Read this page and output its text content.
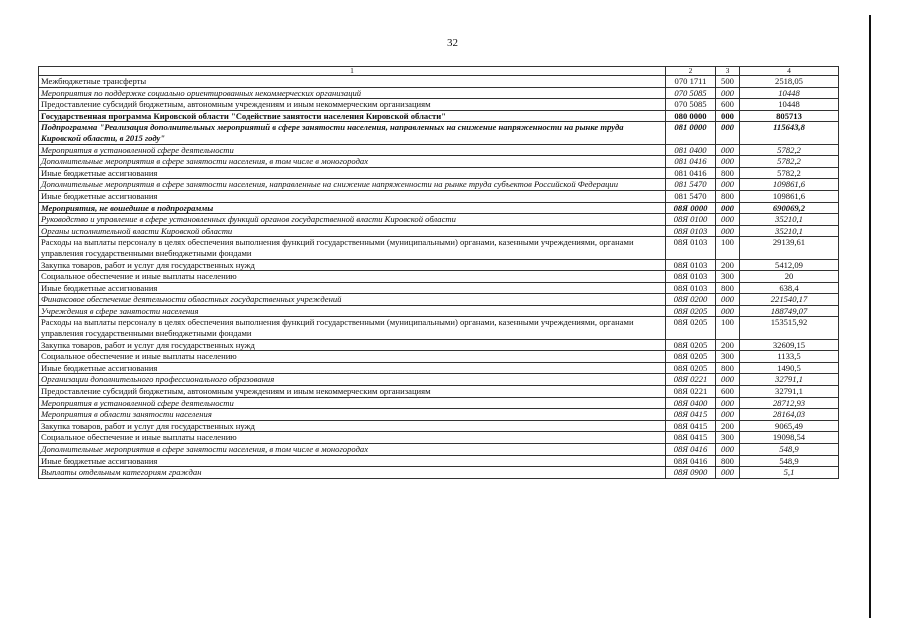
32
1	2	3	4
Межбюджетные трансферты	070 1711	500	2518,05
Мероприятия по поддержке социально ориентированных некоммерческих организаций	070 5085	000	10448
Предоставление субсидий бюджетным, автономным учреждениям и иным некоммерческим организациям	070 5085	600	10448
Государственная программа Кировской области "Содействие занятости населения Кировской области"	080 0000	000	805713
Подпрограмма "Реализация дополнительных мероприятий в сфере занятости населения, направленных на снижение напряженности на рынке труда Кировской области, в 2015 году"	081 0000	000	115643,8
Мероприятия в установленной сфере деятельности	081 0400	000	5782,2
Дополнительные мероприятия в сфере занятости населения, в том числе в моногородах	081 0416	000	5782,2
Иные бюджетные ассигнования	081 0416	800	5782,2
Дополнительные мероприятия в сфере занятости населения, направленные на снижение напряженности на рынке труда субъектов Российской Федерации	081 5470	000	109861,6
Иные бюджетные ассигнования	081 5470	800	109861,6
Мероприятия, не вошедшие в подпрограммы	08Я 0000	000	690069,2
Руководство и управление в сфере установленных функций органов государственной власти Кировской области	08Я 0100	000	35210,1
Органы исполнительной власти Кировской области	08Я 0103	000	35210,1
Расходы на выплаты персоналу в целях обеспечения выполнения функций государственными (муниципальными) органами, казенными учреждениями, органами управления государственными внебюджетными фондами	08Я 0103	100	29139,61
Закупка товаров, работ и услуг для государственных нужд	08Я 0103	200	5412,09
Социальное обеспечение и иные выплаты населению	08Я 0103	300	20
Иные бюджетные ассигнования	08Я 0103	800	638,4
Финансовое обеспечение деятельности областных государственных учреждений	08Я 0200	000	221540,17
Учреждения в сфере занятости населения	08Я 0205	000	188749,07
Расходы на выплаты персоналу в целях обеспечения выполнения функций государственными (муниципальными) органами, казенными учреждениями, органами управления государственными внебюджетными фондами	08Я 0205	100	153515,92
Закупка товаров, работ и услуг для государственных нужд	08Я 0205	200	32609,15
Социальное обеспечение и иные выплаты населению	08Я 0205	300	1133,5
Иные бюджетные ассигнования	08Я 0205	800	1490,5
Организации дополнительного профессионального образования	08Я 0221	000	32791,1
Предоставление субсидий бюджетным, автономным учреждениям и иным некоммерческим организациям	08Я 0221	600	32791,1
Мероприятия в установленной сфере деятельности	08Я 0400	000	28712,93
Мероприятия в области занятости населения	08Я 0415	000	28164,03
Закупка товаров, работ и услуг для государственных нужд	08Я 0415	200	9065,49
Социальное обеспечение и иные выплаты населению	08Я 0415	300	19098,54
Дополнительные мероприятия в сфере занятости населения, в том числе в моногородах	08Я 0416	000	548,9
Иные бюджетные ассигнования	08Я 0416	800	548,9
Выплаты отдельным категориям граждан	08Я 0900	000	5,1
